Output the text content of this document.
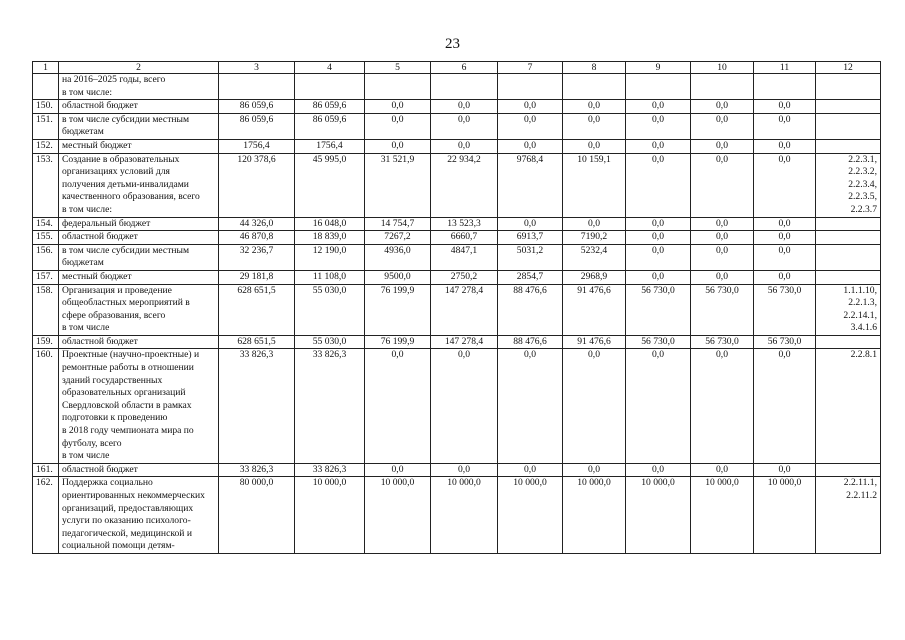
23
1	2	3	4	5	6	7	8	9	10	11	12
	на 2016–2025 годы, всего
в том числе:										
150.	областной бюджет	86 059,6	86 059,6	0,0	0,0	0,0	0,0	0,0	0,0	0,0	
151.	в том числе субсидии местным бюджетам	86 059,6	86 059,6	0,0	0,0	0,0	0,0	0,0	0,0	0,0	
152.	местный бюджет	1756,4	1756,4	0,0	0,0	0,0	0,0	0,0	0,0	0,0	
153.	Создание в образовательных организациях условий для получения детьми-инвалидами качественного образования, всего
в том числе:	120 378,6	45 995,0	31 521,9	22 934,2	9768,4	10 159,1	0,0	0,0	0,0	2.2.3.1,
2.2.3.2,
2.2.3.4,
2.2.3.5,
2.2.3.7
154.	федеральный бюджет	44 326,0	16 048,0	14 754,7	13 523,3	0,0	0,0	0,0	0,0	0,0	
155.	областной бюджет	46 870,8	18 839,0	7267,2	6660,7	6913,7	7190,2	0,0	0,0	0,0	
156.	в том числе субсидии местным бюджетам	32 236,7	12 190,0	4936,0	4847,1	5031,2	5232,4	0,0	0,0	0,0	
157.	местный бюджет	29 181,8	11 108,0	9500,0	2750,2	2854,7	2968,9	0,0	0,0	0,0	
158.	Организация и проведение общеобластных мероприятий в сфере образования, всего
в том числе	628 651,5	55 030,0	76 199,9	147 278,4	88 476,6	91 476,6	56 730,0	56 730,0	56 730,0	1.1.1.10,
2.2.1.3,
2.2.14.1,
3.4.1.6
159.	областной бюджет	628 651,5	55 030,0	76 199,9	147 278,4	88 476,6	91 476,6	56 730,0	56 730,0	56 730,0	
160.	Проектные (научно-проектные) и ремонтные работы в отношении зданий государственных образовательных организаций Свердловской области в рамках подготовки к проведению
в 2018 году чемпионата мира по футболу, всего
в том числе	33 826,3	33 826,3	0,0	0,0	0,0	0,0	0,0	0,0	0,0	2.2.8.1
161.	областной бюджет	33 826,3	33 826,3	0,0	0,0	0,0	0,0	0,0	0,0	0,0	
162.	Поддержка социально ориентированных некоммерческих организаций, предоставляющих услуги по оказанию психолого-педагогической, медицинской и социальной помощи детям-	80 000,0	10 000,0	10 000,0	10 000,0	10 000,0	10 000,0	10 000,0	10 000,0	10 000,0	2.2.11.1,
2.2.11.2
